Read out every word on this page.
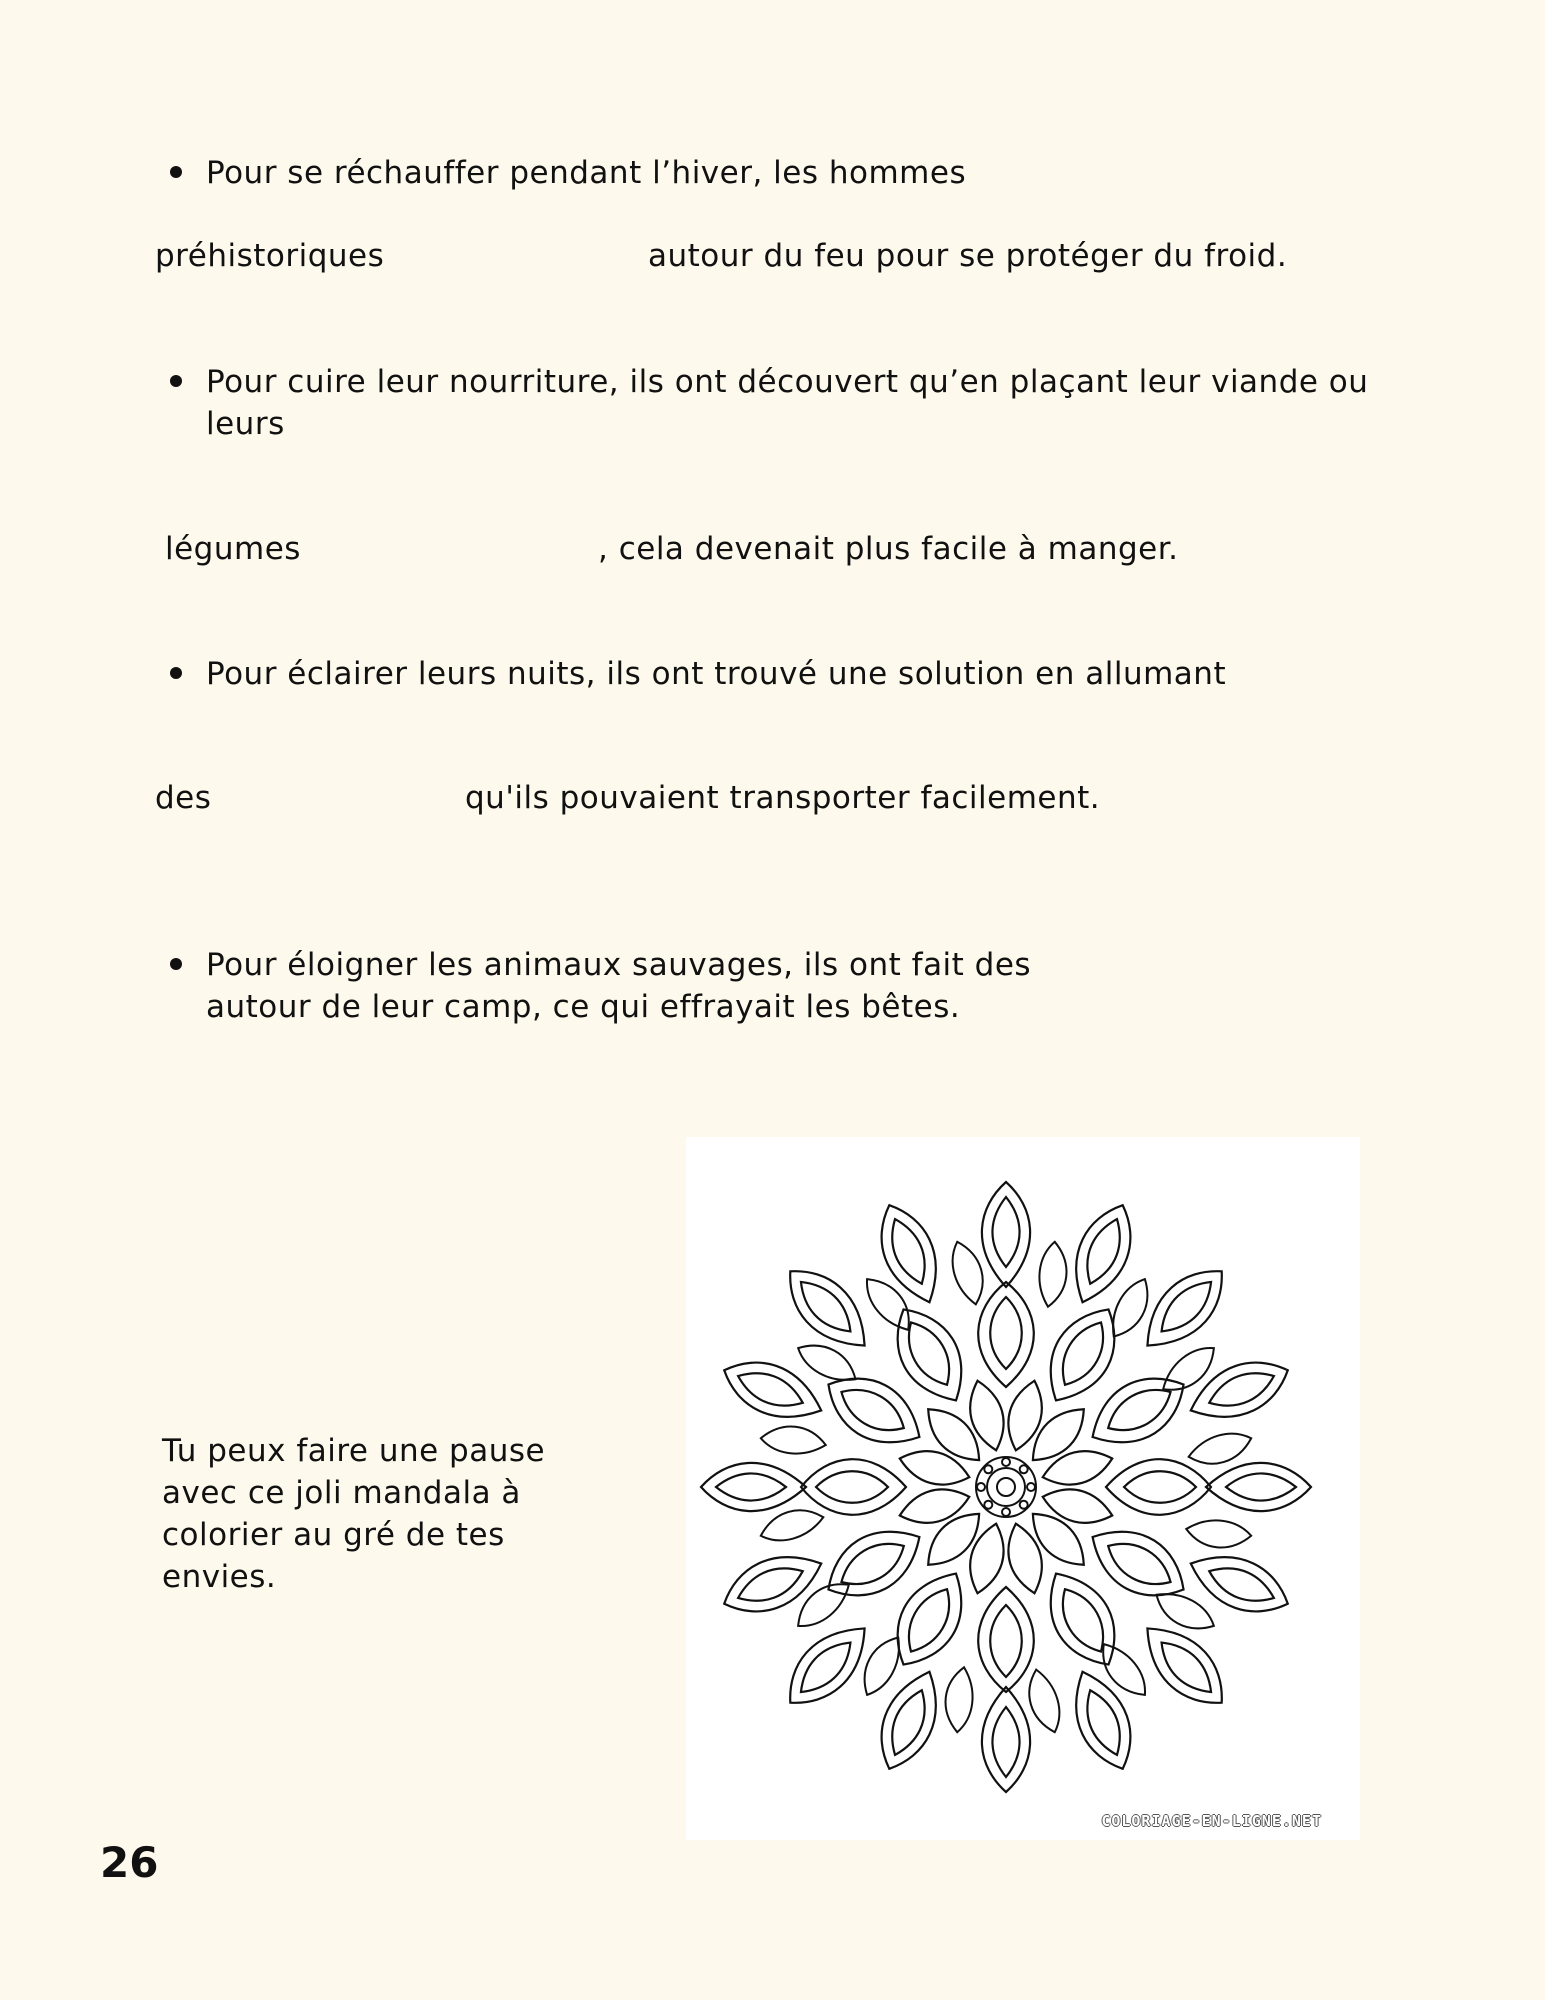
Pour se réchauffer pendant l’hiver, les hommes
préhistoriques	autour du feu pour se protéger du froid.
Pour cuire leur nourriture, ils ont découvert qu’en plaçant leur viande ou
leurs
légumes	, cela devenait plus facile à manger.
Pour éclairer leurs nuits, ils ont trouvé une solution en allumant
des	qu'ils pouvaient transporter facilement.
Pour éloigner les animaux sauvages, ils ont fait des
autour de leur camp, ce qui effrayait les bêtes.
Tu peux faire une pause
avec ce joli mandala à
colorier au gré de tes
envies.
COLORIAGE-EN-LIGNE.NET
26
